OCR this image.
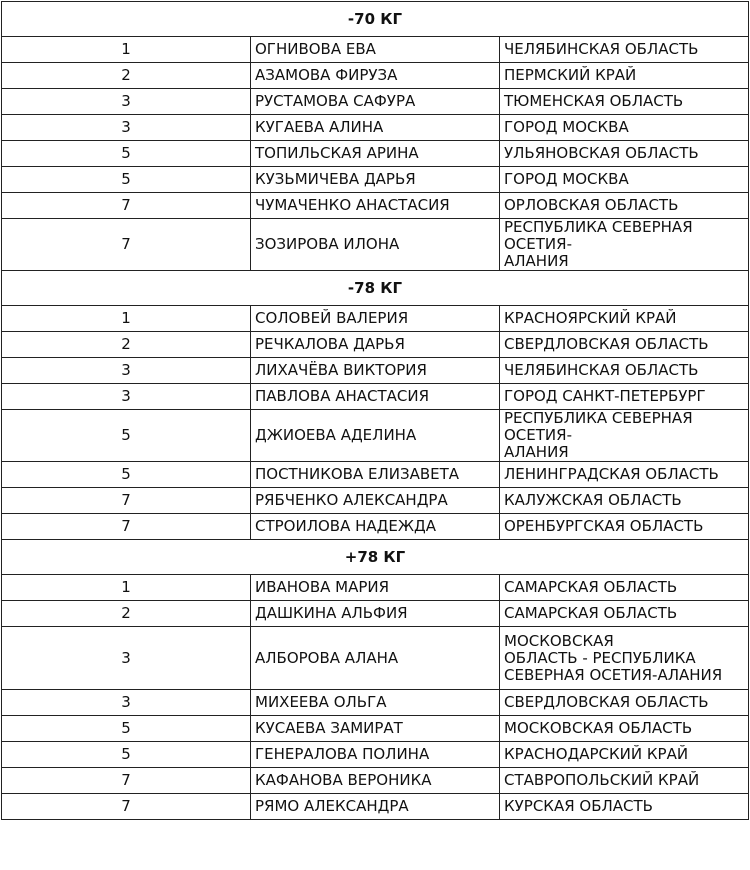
-70 КГ		
1	ОГНИВОВА ЕВА	ЧЕЛЯБИНСКАЯ ОБЛАСТЬ

2	АЗАМОВА ФИРУЗА	ПЕРМСКИЙ КРАЙ

3	РУСТАМОВА САФУРА	ТЮМЕНСКАЯ ОБЛАСТЬ

3	КУГАЕВА АЛИНА	ГОРОД МОСКВА

5	ТОПИЛЬСКАЯ АРИНА	УЛЬЯНОВСКАЯ ОБЛАСТЬ

5	КУЗЬМИЧЕВА ДАРЬЯ	ГОРОД МОСКВА

7	ЧУМАЧЕНКО АНАСТАСИЯ	ОРЛОВСКАЯ ОБЛАСТЬ

7	ЗОЗИРОВА ИЛОНА	РЕСПУБЛИКА СЕВЕРНАЯ ОСЕТИЯ-
АЛАНИЯ

-78 КГ		
1	СОЛОВЕЙ ВАЛЕРИЯ	КРАСНОЯРСКИЙ КРАЙ

2	РЕЧКАЛОВА ДАРЬЯ	СВЕРДЛОВСКАЯ ОБЛАСТЬ

3	ЛИХАЧЁВА ВИКТОРИЯ	ЧЕЛЯБИНСКАЯ ОБЛАСТЬ

3	ПАВЛОВА АНАСТАСИЯ	ГОРОД САНКТ-ПЕТЕРБУРГ

5	ДЖИОЕВА АДЕЛИНА	РЕСПУБЛИКА СЕВЕРНАЯ ОСЕТИЯ-
АЛАНИЯ

5	ПОСТНИКОВА ЕЛИЗАВЕТА	ЛЕНИНГРАДСКАЯ ОБЛАСТЬ

7	РЯБЧЕНКО АЛЕКСАНДРА	КАЛУЖСКАЯ ОБЛАСТЬ

7	СТРОИЛОВА НАДЕЖДА	ОРЕНБУРГСКАЯ ОБЛАСТЬ

+78 КГ		
1	ИВАНОВА МАРИЯ	САМАРСКАЯ ОБЛАСТЬ

2	ДАШКИНА АЛЬФИЯ	САМАРСКАЯ ОБЛАСТЬ

3	АЛБОРОВА АЛАНА	МОСКОВСКАЯ
ОБЛАСТЬ - РЕСПУБЛИКА
СЕВЕРНАЯ ОСЕТИЯ-АЛАНИЯ

3	МИХЕЕВА ОЛЬГА	СВЕРДЛОВСКАЯ ОБЛАСТЬ

5	КУСАЕВА ЗАМИРАТ	МОСКОВСКАЯ ОБЛАСТЬ

5	ГЕНЕРАЛОВА ПОЛИНА	КРАСНОДАРСКИЙ КРАЙ

7	КАФАНОВА ВЕРОНИКА	СТАВРОПОЛЬСКИЙ КРАЙ

7	РЯМО АЛЕКСАНДРА	КУРСКАЯ ОБЛАСТЬ
